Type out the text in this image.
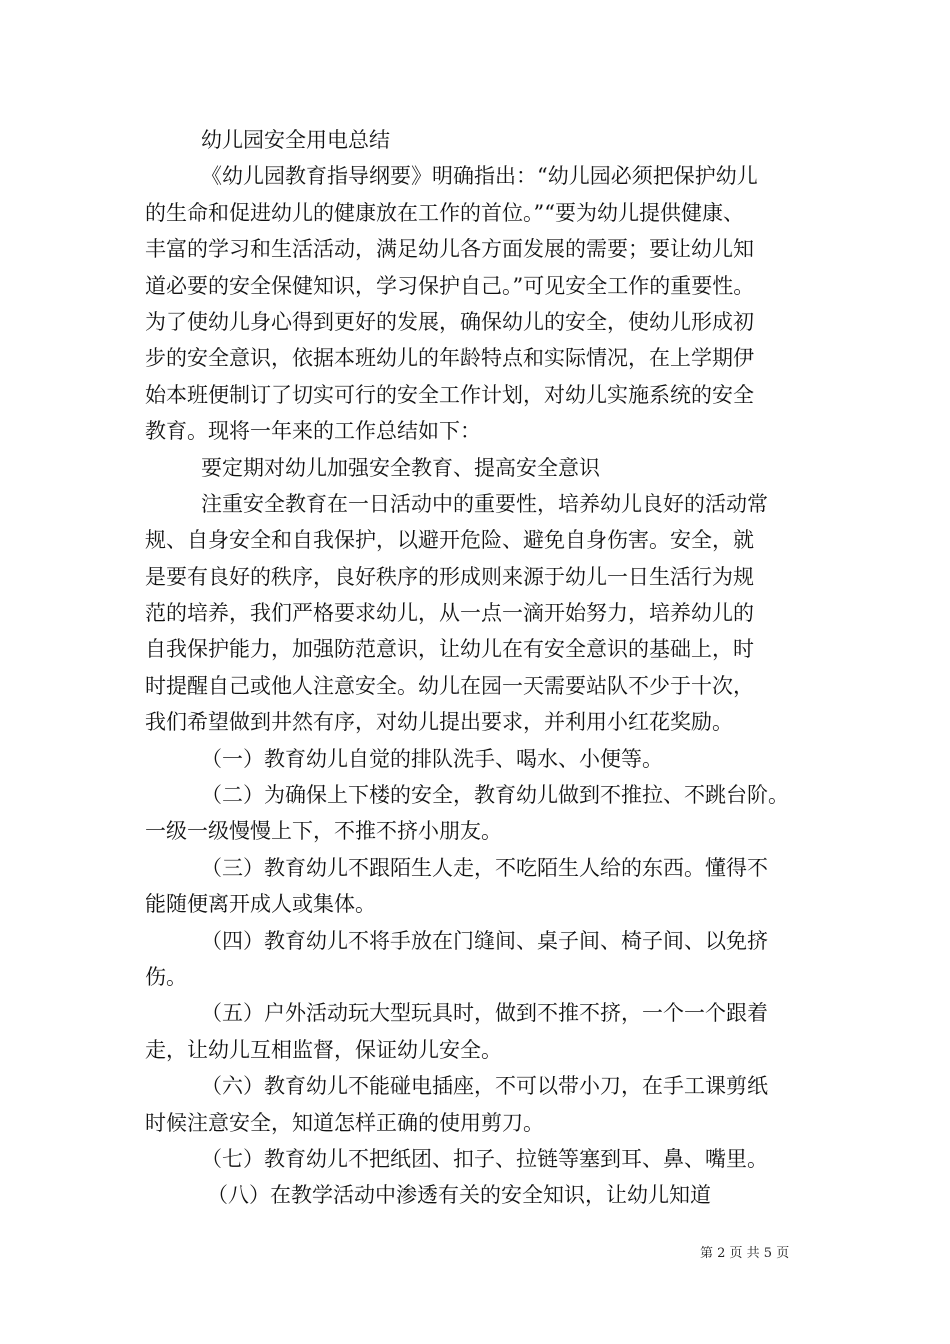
幼儿园安全用电总结
《幼儿园教育指导纲要》明确指出：“幼儿园必须把保护幼儿
的生命和促进幼儿的健康放在工作的首位。”“要为幼儿提供健康、
丰富的学习和生活活动，满足幼儿各方面发展的需要；要让幼儿知
道必要的安全保健知识，学习保护自己。”可见安全工作的重要性。
为了使幼儿身心得到更好的发展，确保幼儿的安全，使幼儿形成初
步的安全意识，依据本班幼儿的年龄特点和实际情况，在上学期伊
始本班便制订了切实可行的安全工作计划，对幼儿实施系统的安全
教育。现将一年来的工作总结如下：
要定期对幼儿加强安全教育、提高安全意识
注重安全教育在一日活动中的重要性，培养幼儿良好的活动常
规、自身安全和自我保护，以避开危险、避免自身伤害。安全，就
是要有良好的秩序，良好秩序的形成则来源于幼儿一日生活行为规
范的培养，我们严格要求幼儿，从一点一滴开始努力，培养幼儿的
自我保护能力，加强防范意识，让幼儿在有安全意识的基础上，时
时提醒自己或他人注意安全。幼儿在园一天需要站队不少于十次，
我们希望做到井然有序，对幼儿提出要求，并利用小红花奖励。
（一）教育幼儿自觉的排队洗手、喝水、小便等。
（二）为确保上下楼的安全，教育幼儿做到不推拉、不跳台阶。
一级一级慢慢上下，不推不挤小朋友。
（三）教育幼儿不跟陌生人走，不吃陌生人给的东西。懂得不
能随便离开成人或集体。
（四）教育幼儿不将手放在门缝间、桌子间、椅子间、以免挤
伤。
（五）户外活动玩大型玩具时，做到不推不挤，一个一个跟着
走，让幼儿互相监督，保证幼儿安全。
（六）教育幼儿不能碰电插座，不可以带小刀，在手工课剪纸
时候注意安全，知道怎样正确的使用剪刀。
（七）教育幼儿不把纸团、扣子、拉链等塞到耳、鼻、嘴里。
（八）在教学活动中渗透有关的安全知识，让幼儿知道
第 2 页 共 5 页
